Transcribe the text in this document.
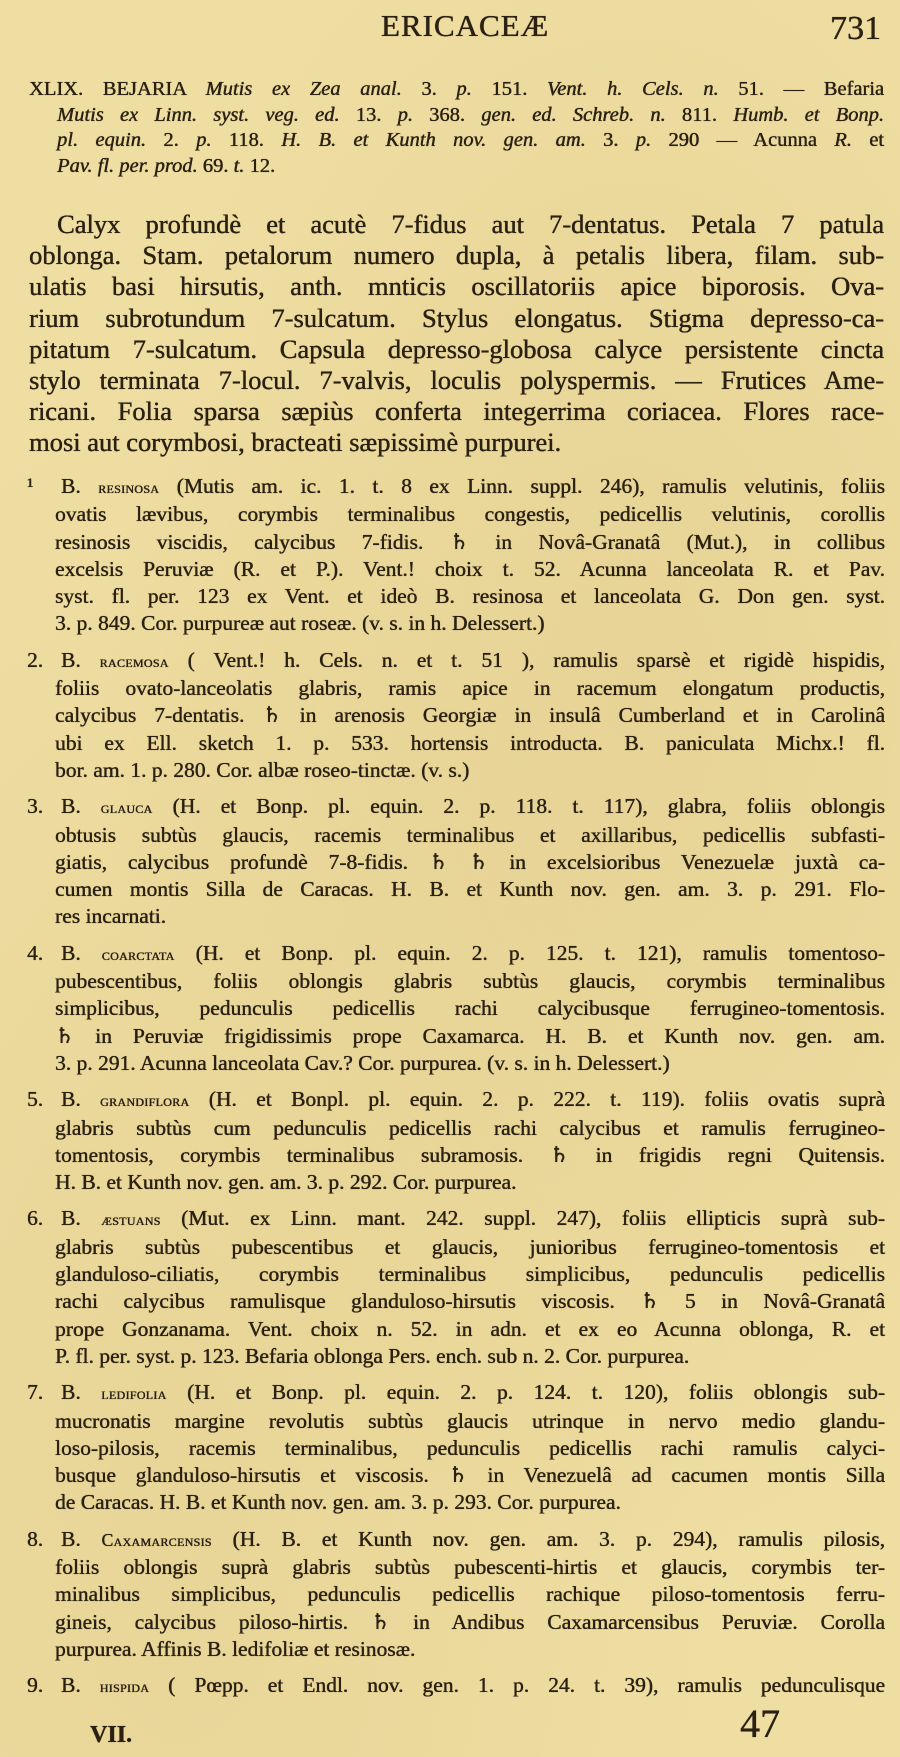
ERICACEÆ	731
XLIX. BEJARIA Mutis ex Zea anal. 3. p. 151. Vent. h. Cels. n. 51. — Befaria
Mutis ex Linn. syst. veg. ed. 13. p. 368. gen. ed. Schreb. n. 811. Humb. et Bonp.
pl. equin. 2. p. 118. H. B. et Kunth nov. gen. am. 3. p. 290 — Acunna R. et
Pav. fl. per. prod. 69. t. 12.
Calyx profundè et acutè 7-fidus aut 7-dentatus. Petala 7 patula
oblonga. Stam. petalorum numero dupla, à petalis libera, filam. sub-
ulatis basi hirsutis, anth. mnticis oscillatoriis apice biporosis. Ova-
rium subrotundum 7-sulcatum. Stylus elongatus. Stigma depresso-ca-
pitatum 7-sulcatum. Capsula depresso-globosa calyce persistente cincta
stylo terminata 7-locul. 7-valvis, loculis polyspermis. — Frutices Ame-
ricani. Folia sparsa sæpiùs conferta integerrima coriacea. Flores race-
mosi aut corymbosi, bracteati sæpissimè purpurei.
¹ B. resinosa (Mutis am. ic. 1. t. 8 ex Linn. suppl. 246), ramulis velutinis, foliis
ovatis lævibus, corymbis terminalibus congestis, pedicellis velutinis, corollis
resinosis viscidis, calycibus 7-fidis. ♄ in Novâ-Granatâ (Mut.), in collibus
excelsis Peruviæ (R. et P.). Vent.! choix t. 52. Acunna lanceolata R. et Pav.
syst. fl. per. 123 ex Vent. et ideò B. resinosa et lanceolata G. Don gen. syst.
3. p. 849. Cor. purpureæ aut roseæ. (v. s. in h. Delessert.)
2. B. racemosa ( Vent.! h. Cels. n. et t. 51 ), ramulis sparsè et rigidè hispidis,
foliis ovato-lanceolatis glabris, ramis apice in racemum elongatum productis,
calycibus 7-dentatis. ♄ in arenosis Georgiæ in insulâ Cumberland et in Carolinâ
ubi ex Ell. sketch 1. p. 533. hortensis introducta. B. paniculata Michx.! fl.
bor. am. 1. p. 280. Cor. albæ roseo-tinctæ. (v. s.)
3. B. glauca (H. et Bonp. pl. equin. 2. p. 118. t. 117), glabra, foliis oblongis
obtusis subtùs glaucis, racemis terminalibus et axillaribus, pedicellis subfasti-
giatis, calycibus profundè 7-8-fidis. ♄ ♄ in excelsioribus Venezuelæ juxtà ca-
cumen montis Silla de Caracas. H. B. et Kunth nov. gen. am. 3. p. 291. Flo-
res incarnati.
4. B. coarctata (H. et Bonp. pl. equin. 2. p. 125. t. 121), ramulis tomentoso-
pubescentibus, foliis oblongis glabris subtùs glaucis, corymbis terminalibus
simplicibus, pedunculis pedicellis rachi calycibusque ferrugineo-tomentosis.
♄ in Peruviæ frigidissimis prope Caxamarca. H. B. et Kunth nov. gen. am.
3. p. 291. Acunna lanceolata Cav.? Cor. purpurea. (v. s. in h. Delessert.)
5. B. grandiflora (H. et Bonpl. pl. equin. 2. p. 222. t. 119). foliis ovatis suprà
glabris subtùs cum pedunculis pedicellis rachi calycibus et ramulis ferrugineo-
tomentosis, corymbis terminalibus subramosis. ♄ in frigidis regni Quitensis.
H. B. et Kunth nov. gen. am. 3. p. 292. Cor. purpurea.
6. B. æstuans (Mut. ex Linn. mant. 242. suppl. 247), foliis ellipticis suprà sub-
glabris subtùs pubescentibus et glaucis, junioribus ferrugineo-tomentosis et
glanduloso-ciliatis, corymbis terminalibus simplicibus, pedunculis pedicellis
rachi calycibus ramulisque glanduloso-hirsutis viscosis. ♄ 5 in Novâ-Granatâ
prope Gonzanama. Vent. choix n. 52. in adn. et ex eo Acunna oblonga, R. et
P. fl. per. syst. p. 123. Befaria oblonga Pers. ench. sub n. 2. Cor. purpurea.
7. B. ledifolia (H. et Bonp. pl. equin. 2. p. 124. t. 120), foliis oblongis sub-
mucronatis margine revolutis subtùs glaucis utrinque in nervo medio glandu-
loso-pilosis, racemis terminalibus, pedunculis pedicellis rachi ramulis calyci-
busque glanduloso-hirsutis et viscosis. ♄ in Venezuelâ ad cacumen montis Silla
de Caracas. H. B. et Kunth nov. gen. am. 3. p. 293. Cor. purpurea.
8. B. Caxamarcensis (H. B. et Kunth nov. gen. am. 3. p. 294), ramulis pilosis,
foliis oblongis suprà glabris subtùs pubescenti-hirtis et glaucis, corymbis ter-
minalibus simplicibus, pedunculis pedicellis rachique piloso-tomentosis ferru-
gineis, calycibus piloso-hirtis. ♄ in Andibus Caxamarcensibus Peruviæ. Corolla
purpurea. Affinis B. ledifoliæ et resinosæ.
9. B. hispida ( Pœpp. et Endl. nov. gen. 1. p. 24. t. 39), ramulis pedunculisque
VII.	47
